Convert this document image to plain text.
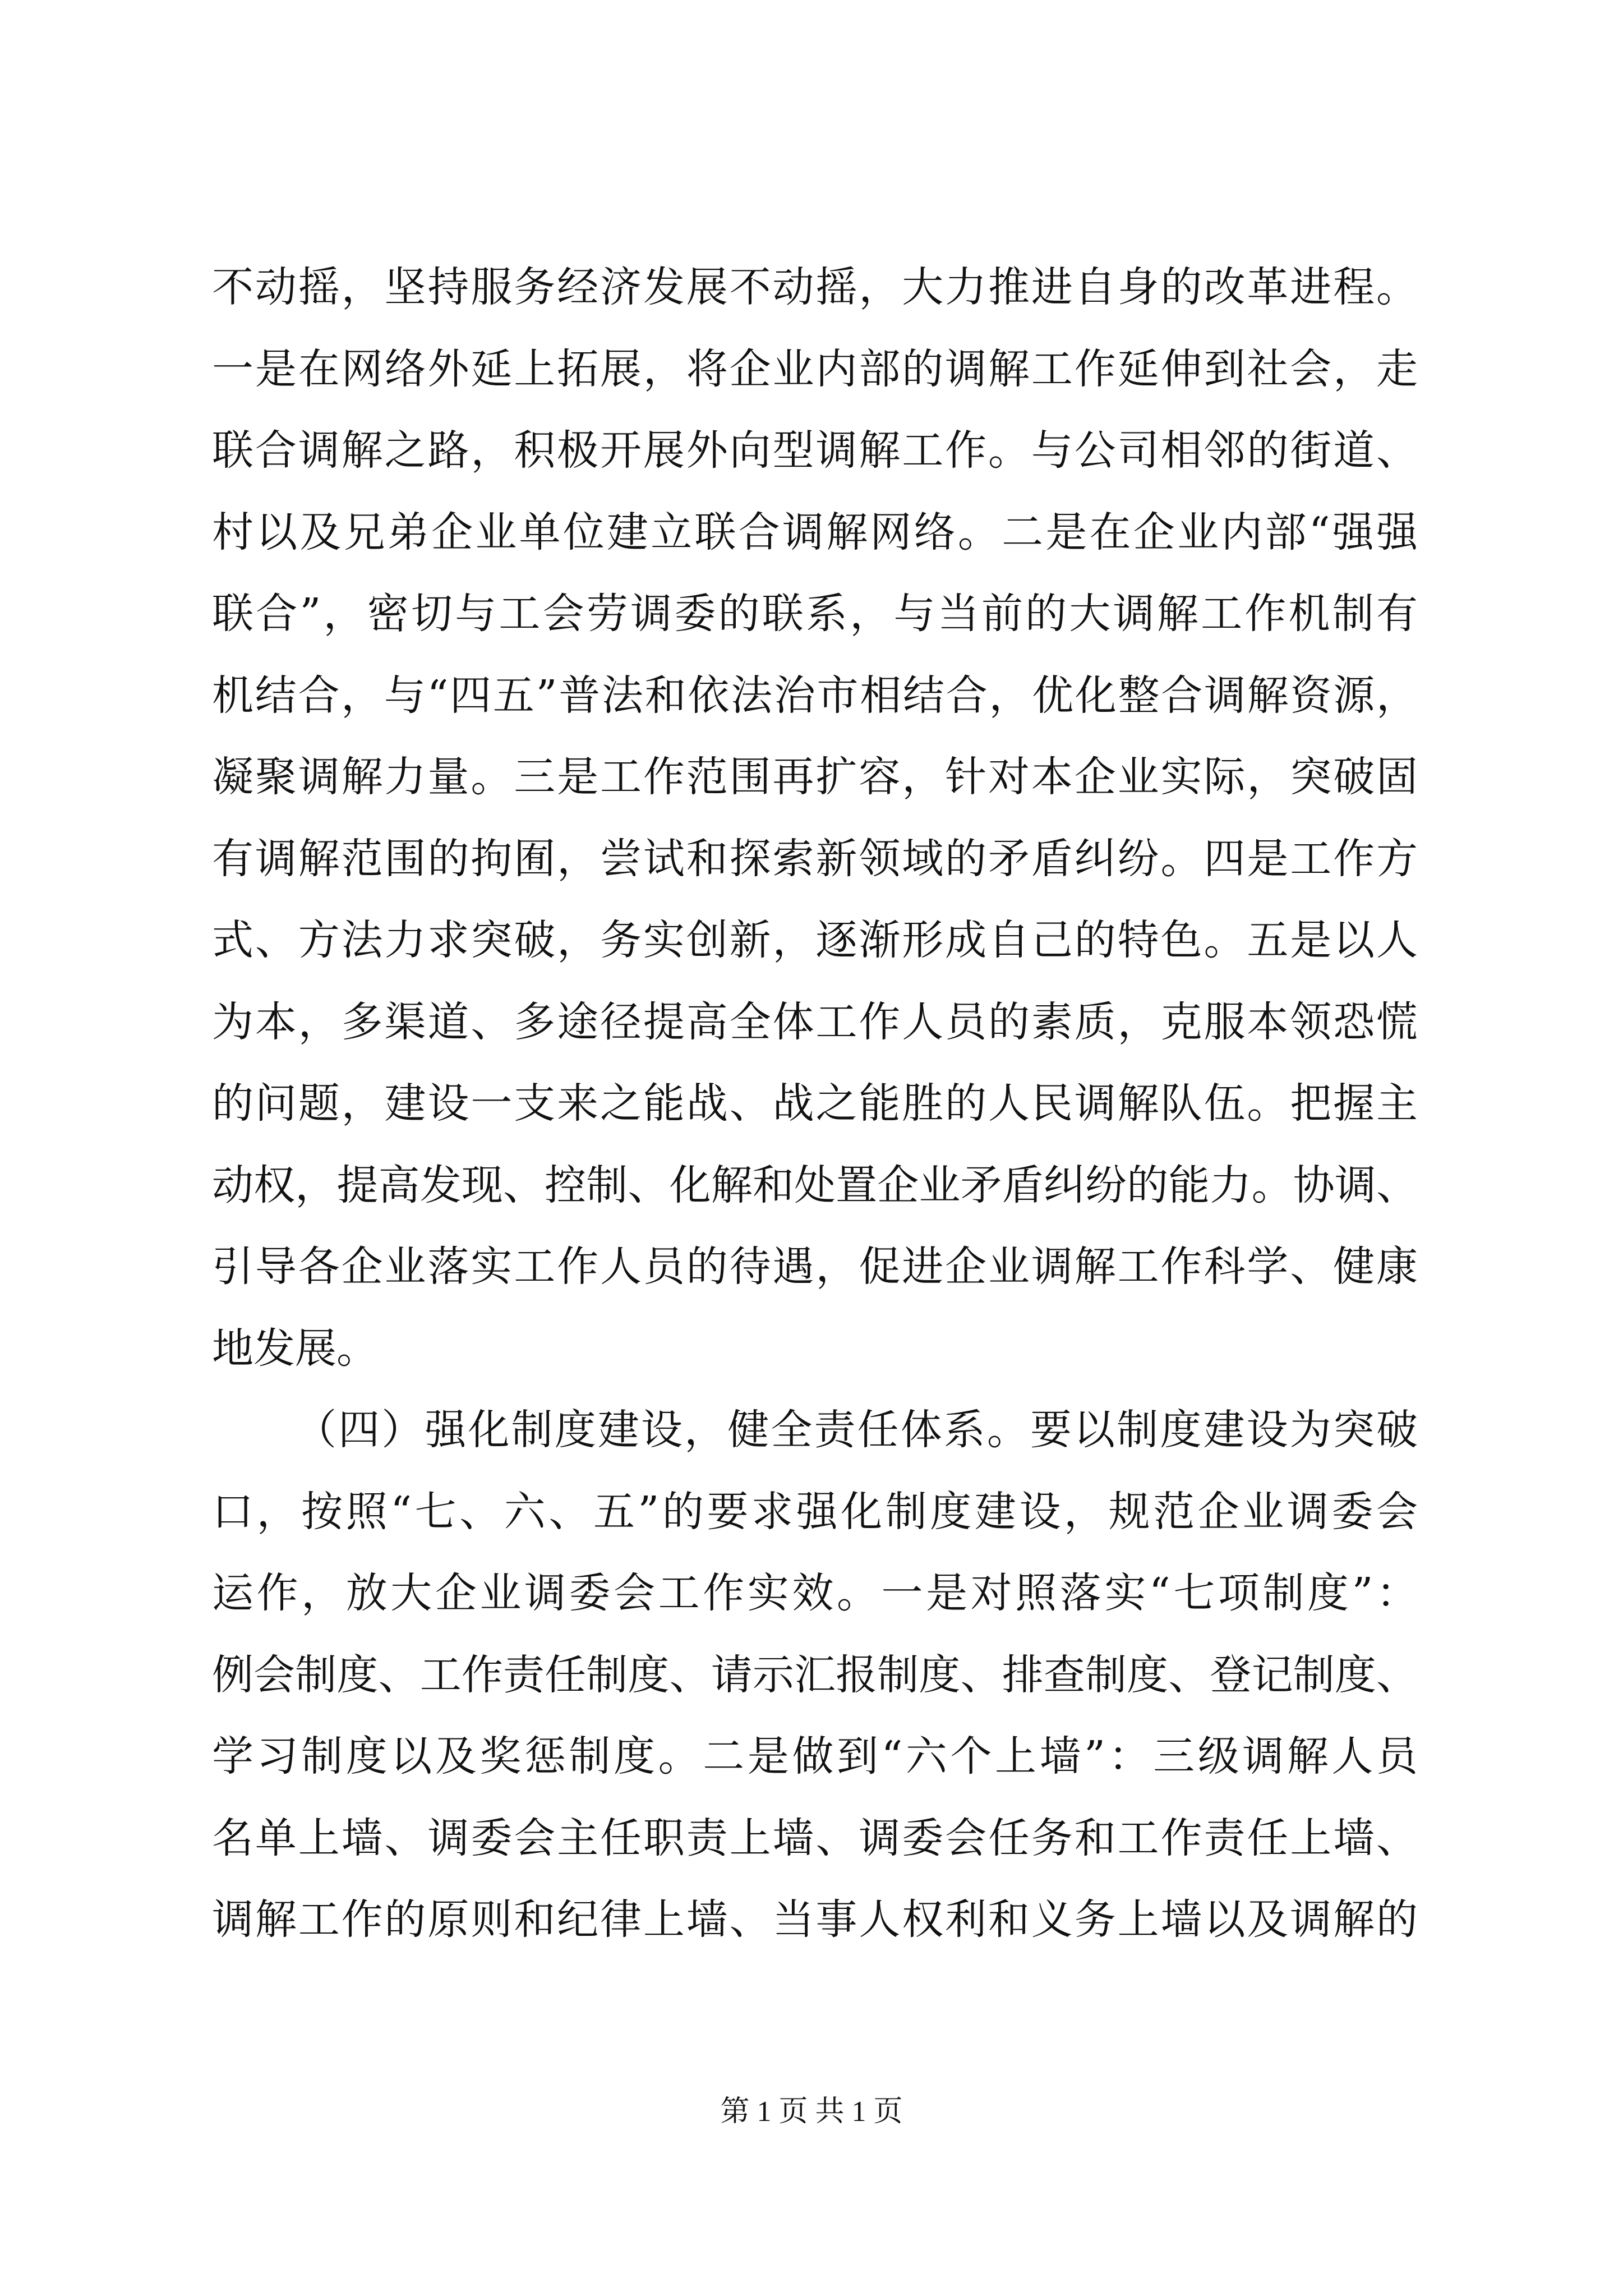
不动摇，坚持服务经济发展不动摇，大力推进自身的改革进程。
一是在网络外延上拓展，将企业内部的调解工作延伸到社会，走
联合调解之路，积极开展外向型调解工作。与公司相邻的街道、
村以及兄弟企业单位建立联合调解网络。二是在企业内部“强强
联合”，密切与工会劳调委的联系，与当前的大调解工作机制有
机结合，与“四五”普法和依法治市相结合，优化整合调解资源，
凝聚调解力量。三是工作范围再扩容，针对本企业实际，突破固
有调解范围的拘囿，尝试和探索新领域的矛盾纠纷。四是工作方
式、方法力求突破，务实创新，逐渐形成自己的特色。五是以人
为本，多渠道、多途径提高全体工作人员的素质，克服本领恐慌
的问题，建设一支来之能战、战之能胜的人民调解队伍。把握主
动权，提高发现、控制、化解和处置企业矛盾纠纷的能力。协调、
引导各企业落实工作人员的待遇，促进企业调解工作科学、健康
地发展。
（四）强化制度建设，健全责任体系。要以制度建设为突破
口，按照“七、六、五”的要求强化制度建设，规范企业调委会
运作，放大企业调委会工作实效。一是对照落实“七项制度”：
例会制度、工作责任制度、请示汇报制度、排查制度、登记制度、
学习制度以及奖惩制度。二是做到“六个上墙”：三级调解人员
名单上墙、调委会主任职责上墙、调委会任务和工作责任上墙、
调解工作的原则和纪律上墙、当事人权利和义务上墙以及调解的
第 1 页 共 1 页
